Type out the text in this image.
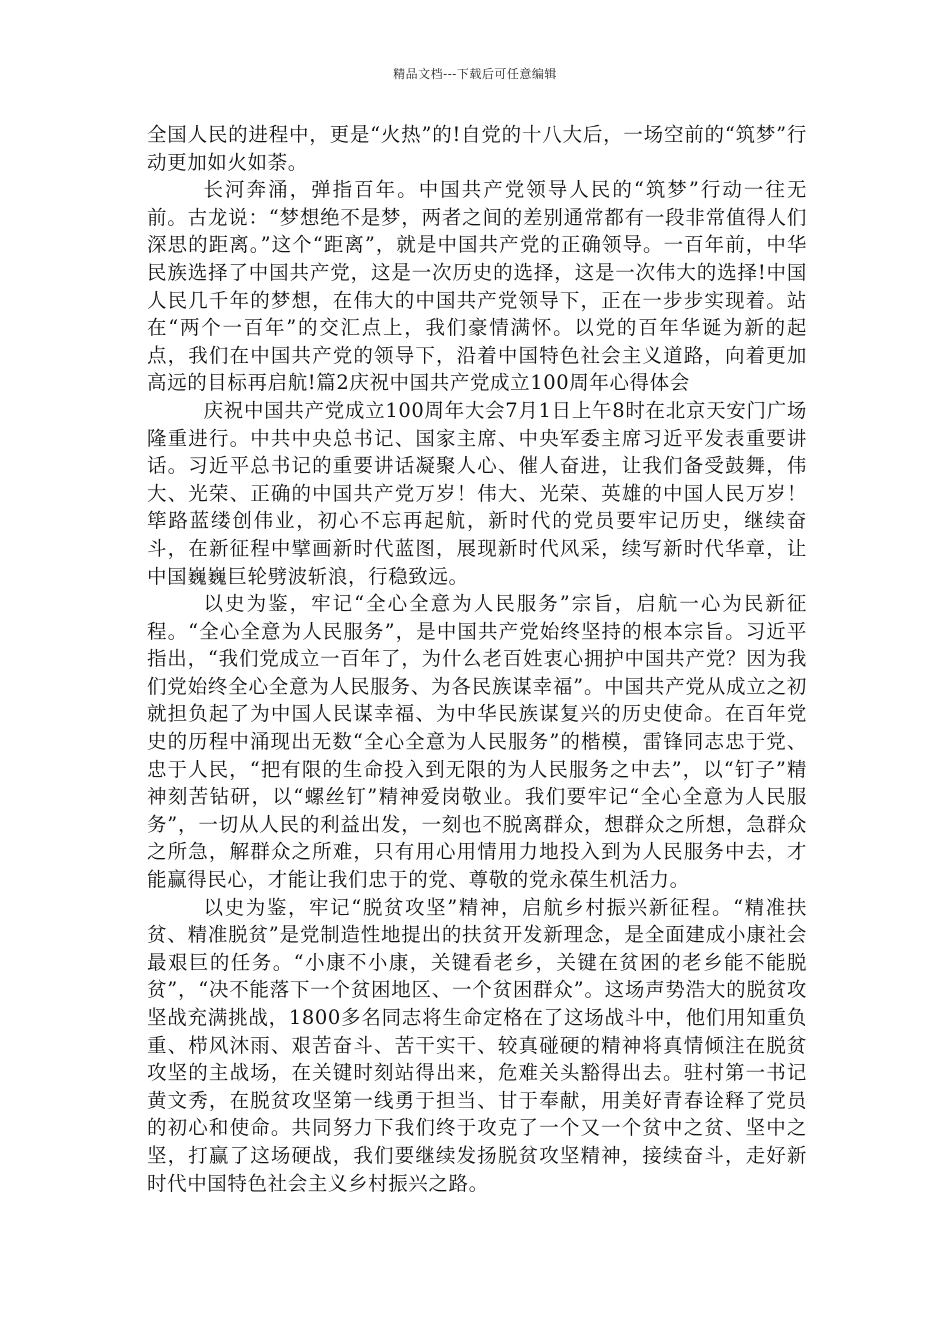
精品文档---下载后可任意编辑

全国人民的进程中，更是“火热”的!自党的十八大后，一场空前的“筑梦”行动更加如火如荼。

长河奔涌，弹指百年。中国共产党领导人民的“筑梦”行动一往无前。古龙说：“梦想绝不是梦，两者之间的差别通常都有一段非常值得人们深思的距离。”这个“距离”，就是中国共产党的正确领导。一百年前，中华民族选择了中国共产党，这是一次历史的选择，这是一次伟大的选择!中国人民几千年的梦想，在伟大的中国共产党领导下，正在一步步实现着。站在“两个一百年”的交汇点上，我们豪情满怀。以党的百年华诞为新的起点，我们在中国共产党的领导下，沿着中国特色社会主义道路，向着更加高远的目标再启航!篇2庆祝中国共产党成立100周年心得体会

庆祝中国共产党成立100周年大会7月1日上午8时在北京天安门广场隆重进行。中共中央总书记、国家主席、中央军委主席习近平发表重要讲话。习近平总书记的重要讲话凝聚人心、催人奋进，让我们备受鼓舞，伟大、光荣、正确的中国共产党万岁！伟大、光荣、英雄的中国人民万岁！筚路蓝缕创伟业，初心不忘再起航，新时代的党员要牢记历史，继续奋斗，在新征程中擘画新时代蓝图，展现新时代风采，续写新时代华章，让中国巍巍巨轮劈波斩浪，行稳致远。

以史为鉴，牢记“全心全意为人民服务”宗旨，启航一心为民新征程。“全心全意为人民服务”，是中国共产党始终坚持的根本宗旨。习近平指出，“我们党成立一百年了，为什么老百姓衷心拥护中国共产党？因为我们党始终全心全意为人民服务、为各民族谋幸福”。中国共产党从成立之初就担负起了为中国人民谋幸福、为中华民族谋复兴的历史使命。在百年党史的历程中涌现出无数“全心全意为人民服务”的楷模，雷锋同志忠于党、忠于人民，“把有限的生命投入到无限的为人民服务之中去”，以“钉子”精神刻苦钻研，以“螺丝钉”精神爱岗敬业。我们要牢记“全心全意为人民服务”，一切从人民的利益出发，一刻也不脱离群众，想群众之所想，急群众之所急，解群众之所难，只有用心用情用力地投入到为人民服务中去，才能赢得民心，才能让我们忠于的党、尊敬的党永葆生机活力。

以史为鉴，牢记“脱贫攻坚”精神，启航乡村振兴新征程。“精准扶贫、精准脱贫”是党制造性地提出的扶贫开发新理念，是全面建成小康社会最艰巨的任务。“小康不小康，关键看老乡，关键在贫困的老乡能不能脱贫”，“决不能落下一个贫困地区、一个贫困群众”。这场声势浩大的脱贫攻坚战充满挑战，1800多名同志将生命定格在了这场战斗中，他们用知重负重、栉风沐雨、艰苦奋斗、苦干实干、较真碰硬的精神将真情倾注在脱贫攻坚的主战场，在关键时刻站得出来，危难关头豁得出去。驻村第一书记黄文秀，在脱贫攻坚第一线勇于担当、甘于奉献，用美好青春诠释了党员的初心和使命。共同努力下我们终于攻克了一个又一个贫中之贫、坚中之坚，打赢了这场硬战，我们要继续发扬脱贫攻坚精神，接续奋斗，走好新时代中国特色社会主义乡村振兴之路。
